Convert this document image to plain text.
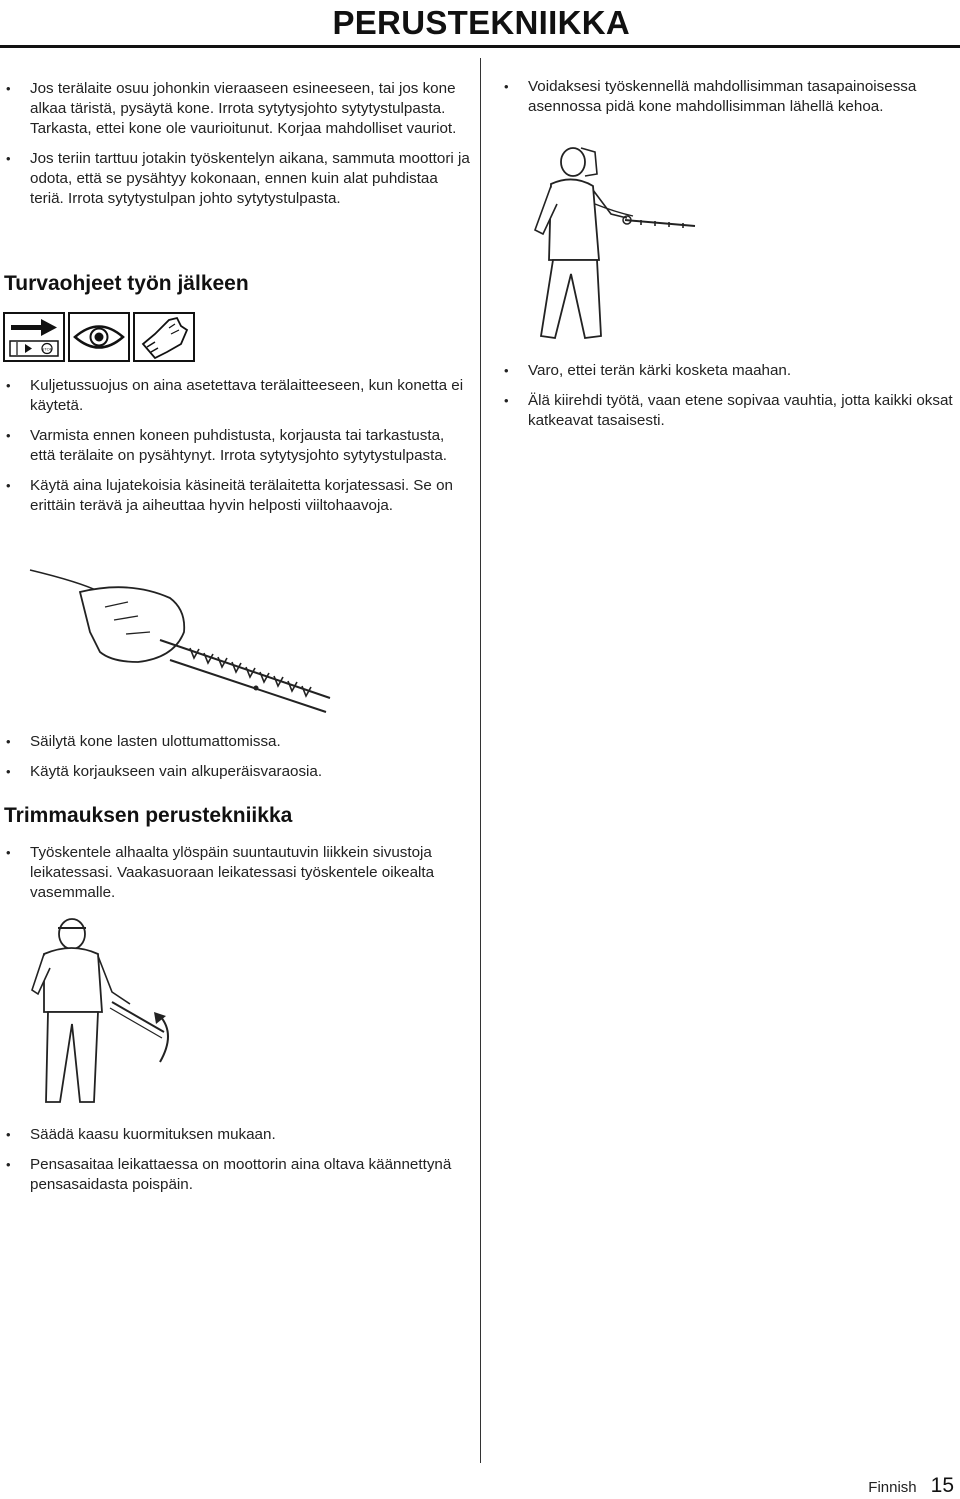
PERUSTEKNIIKKA
• Jos terälaite osuu johonkin vieraaseen esineeseen, tai jos kone alkaa täristä, pysäytä kone. Irrota sytytysjohto sytytystulpasta. Tarkasta, ettei kone ole vaurioitunut. Korjaa mahdolliset vauriot.
• Jos teriin tarttuu jotakin työskentelyn aikana, sammuta moottori ja odota, että se pysähtyy kokonaan, ennen kuin alat puhdistaa teriä. Irrota sytytystulpan johto sytytystulpasta.
Turvaohjeet työn jälkeen
STOP
• Kuljetussuojus on aina asetettava terälaitteeseen, kun konetta ei käytetä.
• Varmista ennen koneen puhdistusta, korjausta tai tarkastusta, että terälaite on pysähtynyt. Irrota sytytysjohto sytytystulpasta.
• Käytä aina lujatekoisia käsineitä terälaitetta korjatessasi. Se on erittäin terävä ja aiheuttaa hyvin helposti viiltohaavoja.
• Säilytä kone lasten ulottumattomissa.
• Käytä korjaukseen vain alkuperäisvaraosia.
Trimmauksen perustekniikka
• Työskentele alhaalta ylöspäin suuntautuvin liikkein sivustoja leikatessasi. Vaakasuoraan leikatessasi työskentele oikealta vasemmalle.
• Säädä kaasu kuormituksen mukaan.
• Pensasaitaa leikattaessa on moottorin aina oltava käännettynä pensasaidasta poispäin.
• Voidaksesi työskennellä mahdollisimman tasapainoisessa asennossa pidä kone mahdollisimman lähellä kehoa.
• Varo, ettei terän kärki kosketa maahan.
• Älä kiirehdi työtä, vaan etene sopivaa vauhtia, jotta kaikki oksat katkeavat tasaisesti.
Finnish 15
